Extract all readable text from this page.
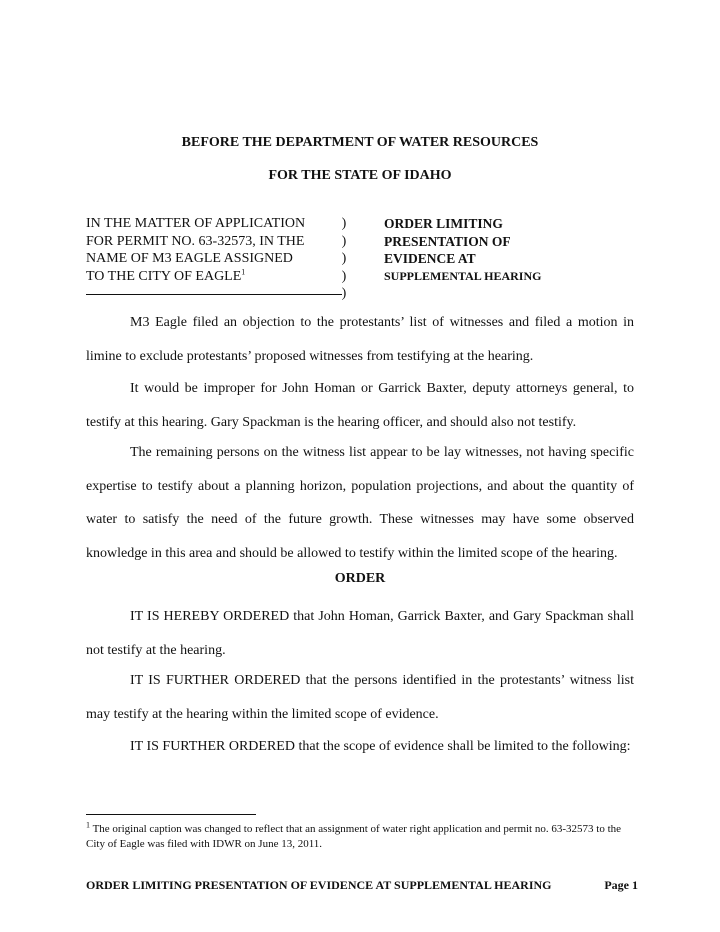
BEFORE THE DEPARTMENT OF WATER RESOURCES
FOR THE STATE OF IDAHO
IN THE MATTER OF APPLICATION
FOR PERMIT NO. 63-32573, IN THE
NAME OF M3 EAGLE ASSIGNED
TO THE CITY OF EAGLE$^1$
)
)
)
)
)
ORDER LIMITING
PRESENTATION OF
EVIDENCE AT
SUPPLEMENTAL HEARING

M3 Eagle filed an objection to the protestants’ list of witnesses and filed a motion in limine to exclude protestants’ proposed witnesses from testifying at the hearing.

It would be improper for John Homan or Garrick Baxter, deputy attorneys general, to testify at this hearing. Gary Spackman is the hearing officer, and should also not testify.

The remaining persons on the witness list appear to be lay witnesses, not having specific expertise to testify about a planning horizon, population projections, and about the quantity of water to satisfy the need of the future growth. These witnesses may have some observed knowledge in this area and should be allowed to testify within the limited scope of the hearing.

ORDER

IT IS HEREBY ORDERED that John Homan, Garrick Baxter, and Gary Spackman shall not testify at the hearing.

IT IS FURTHER ORDERED that the persons identified in the protestants’ witness list may testify at the hearing within the limited scope of evidence.

IT IS FURTHER ORDERED that the scope of evidence shall be limited to the following:

$^1$ The original caption was changed to reflect that an assignment of water right application and permit no. 63-32573 to the City of Eagle was filed with IDWR on June 13, 2011.
ORDER LIMITING PRESENTATION OF EVIDENCE AT SUPPLEMENTAL HEARING	Page 1
